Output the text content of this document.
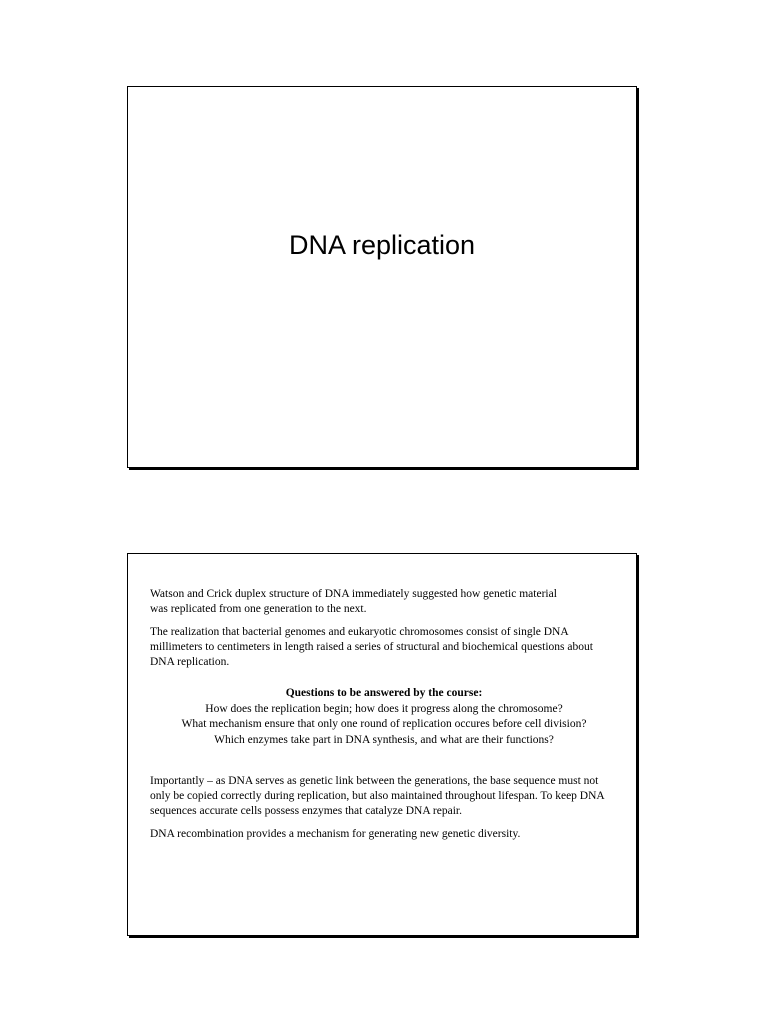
DNA replication

Watson and Crick duplex structure of DNA immediately suggested how genetic material was replicated from one generation to the next.

The realization that bacterial genomes and eukaryotic chromosomes consist of single DNA millimeters to centimeters in length raised a series of structural and biochemical questions about DNA replication.

Questions to be answered by the course:
How does the replication begin; how does it progress along the chromosome?
What mechanism ensure that only one round of replication occures before cell division?
Which enzymes take part in DNA synthesis, and what are their functions?

Importantly – as DNA serves as genetic link between the generations, the base sequence must not only be copied correctly during replication, but also maintained throughout lifespan. To keep DNA sequences accurate cells possess enzymes that catalyze DNA repair.

DNA recombination provides a mechanism for generating new genetic diversity.
